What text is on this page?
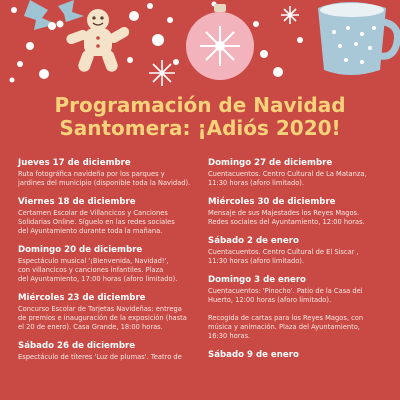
Programación de Navidad
Santomera: ¡Adiós 2020!
Jueves 17 de diciembre
Ruta fotográfica navideña por los parques y
jardines del municipio (disponible toda la Navidad).
Viernes 18 de diciembre
Certamen Escolar de Villancicos y Canciones
Solidarias Online. Síguelo en las redes sociales
del Ayuntamiento durante toda la mañana.
Domingo 20 de diciembre
Espectáculo musical '¡Bienvenida, Navidad!',
con villancicos y canciones infantiles. Plaza
del Ayuntamiento, 17:00 horas (aforo limitado).
Miércoles 23 de diciembre
Concurso Escolar de Tarjetas Navideñas: entrega
de premios e inauguración de la exposición (hasta
el 20 de enero). Casa Grande, 18:00 horas.
Sábado 26 de diciembre
Espectáculo de títeres 'Luz de plumas'. Teatro de
Domingo 27 de diciembre
Cuentacuentos. Centro Cultural de La Matanza,
11:30 horas (aforo limitado).
Miércoles 30 de diciembre
Mensaje de sus Majestades los Reyes Magos.
Redes sociales del Ayuntamiento, 12:00 horas.
Sábado 2 de enero
Cuentacuentos. Centro Cultural de El Siscar ,
11:30 horas (aforo limitado).
Domingo 3 de enero
Cuentacuentos: 'Pinocho'. Patio de la Casa del
Huerto, 12:00 horas (aforo limitado).
Recogida de cartas para los Reyes Magos, con
música y animación. Plaza del Ayuntamiento,
16:30 horas.
Sábado 9 de enero
